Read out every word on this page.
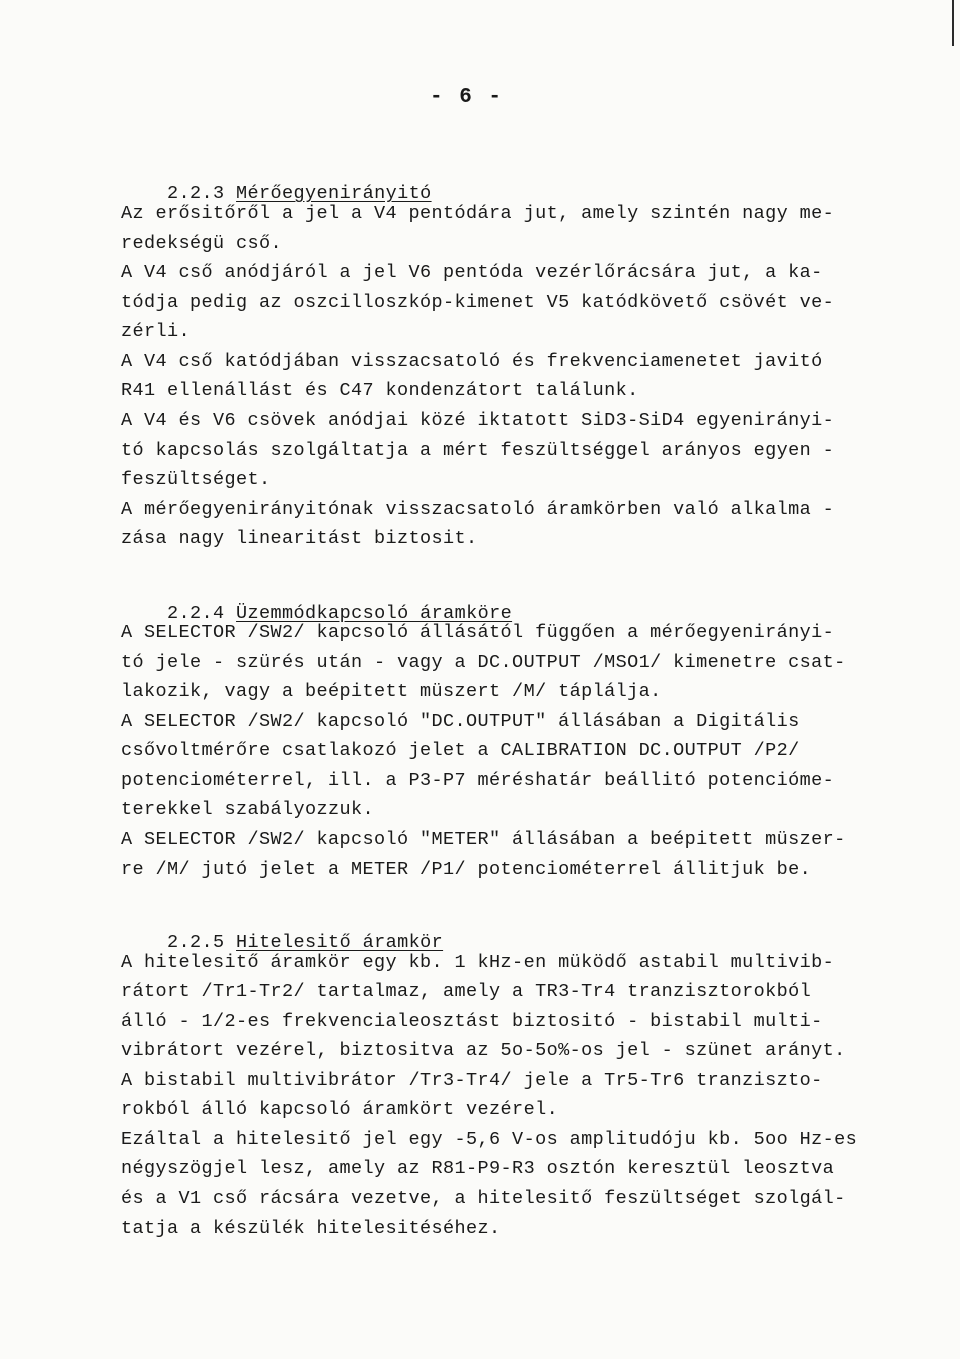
- 6 -

2.2.3 Mérőegyenirányitó

Az erősitőről a jel a V4 pentódára jut, amely szintén nagy me-
redekségü cső.
A V4 cső anódjáról a jel V6 pentóda vezérlőrácsára jut, a ka-
tódja pedig az oszcilloszkóp-kimenet V5 katódkövető csövét ve-
zérli.
A V4 cső katódjában visszacsatoló és frekvenciamenetet javitó
R41 ellenállást és C47 kondenzátort találunk.
A V4 és V6 csövek anódjai közé iktatott SiD3-SiD4 egyenirányi-
tó kapcsolás szolgáltatja a mért feszültséggel arányos egyen -
feszültséget.
A mérőegyenirányitónak visszacsatoló áramkörben való alkalma -
zása nagy linearitást biztosit.

2.2.4 Üzemmódkapcsoló áramköre

A SELECTOR /SW2/ kapcsoló állásától függően a mérőegyenirányi-
tó jele - szürés után - vagy a DC.OUTPUT /MSO1/ kimenetre csat-
lakozik, vagy a beépitett müszert /M/ táplálja.
A SELECTOR /SW2/ kapcsoló "DC.OUTPUT" állásában a Digitális
csővoltmérőre csatlakozó jelet a CALIBRATION DC.OUTPUT /P2/
potenciométerrel, ill. a P3-P7 méréshatár beállitó potencióme-
terekkel szabályozzuk.
A SELECTOR /SW2/ kapcsoló "METER" állásában a beépitett müszer-
re /M/ jutó jelet a METER /P1/ potenciométerrel állitjuk be.

2.2.5 Hitelesitő áramkör

A hitelesitő áramkör egy kb. 1 kHz-en müködő astabil multivib-
rátort /Tr1-Tr2/ tartalmaz, amely a TR3-Tr4 tranzisztorokból
álló - 1/2-es frekvencialeosztást biztositó - bistabil multi-
vibrátort vezérel, biztositva az 5o-5o%-os jel - szünet arányt.
A bistabil multivibrátor /Tr3-Tr4/ jele a Tr5-Tr6 tranziszto-
rokból álló kapcsoló áramkört vezérel.
Ezáltal a hitelesitő jel egy -5,6 V-os amplitudóju kb. 5oo Hz-es
négyszögjel lesz, amely az R81-P9-R3 osztón keresztül leosztva
és a V1 cső rácsára vezetve, a hitelesitő feszültséget szolgál-
tatja a készülék hitelesitéséhez.
